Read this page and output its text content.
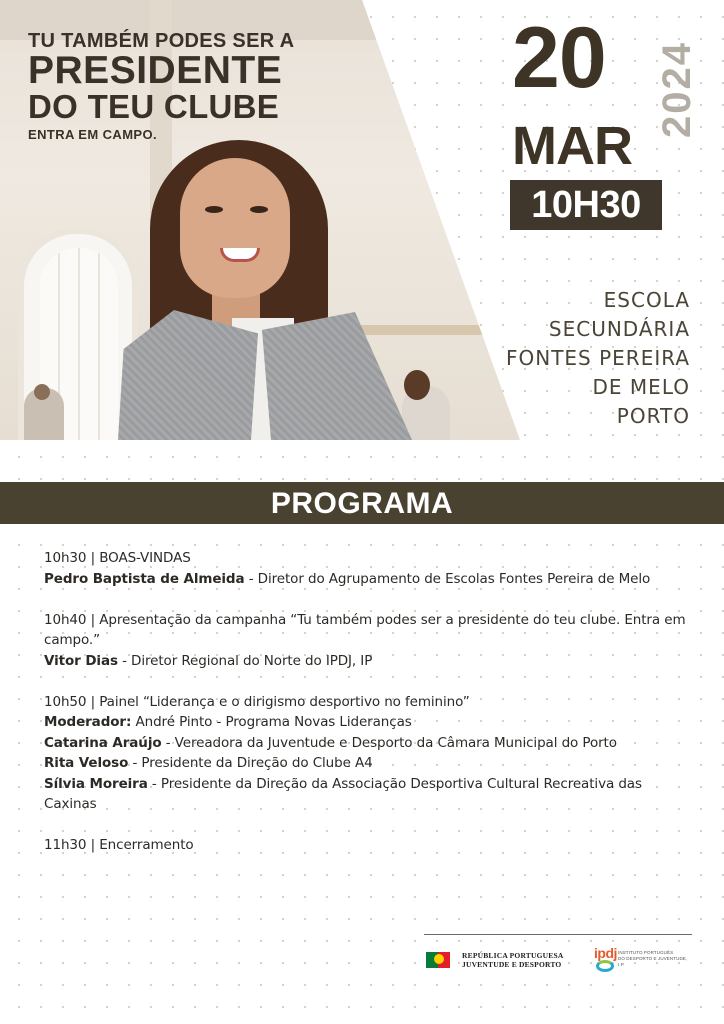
TU TAMBÉM PODES SER A
PRESIDENTE
DO TEU CLUBE
ENTRA EM CAMPO.
20 2024
MAR
10H30
ESCOLA
SECUNDÁRIA
FONTES PEREIRA
DE MELO
PORTO
PROGRAMA
10h30 | BOAS-VINDAS
Pedro Baptista de Almeida - Diretor do Agrupamento de Escolas Fontes Pereira de Melo
10h40 | Apresentação da campanha “Tu também podes ser a presidente do teu clube. Entra em campo.”
Vitor Dias - Diretor Regional do Norte do IPDJ, IP
10h50 | Painel “Liderança e o dirigismo desportivo no feminino”
Moderador: André Pinto - Programa Novas Lideranças
Catarina Araújo - Vereadora da Juventude e Desporto da Câmara Municipal do Porto
Rita Veloso - Presidente da Direção do Clube A4
Sílvia Moreira - Presidente da Direção da Associação Desportiva Cultural Recreativa das Caxinas
11h30 | Encerramento
REPÚBLICA PORTUGUESA
JUVENTUDE E DESPORTO
ipdj INSTITUTO PORTUGUÊS
DO DESPORTO E JUVENTUDE, I.P.
